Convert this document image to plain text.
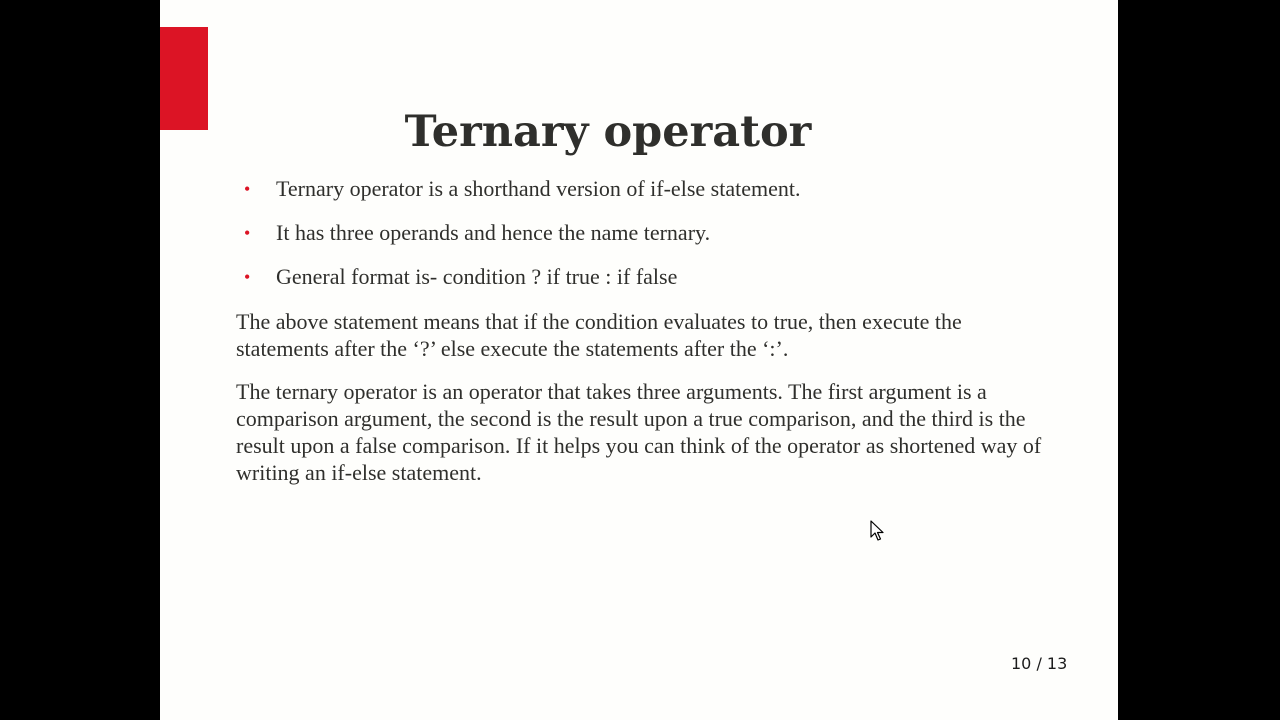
Ternary operator
• Ternary operator is a shorthand version of if-else statement.
• It has three operands and hence the name ternary.
• General format is- condition ? if true : if false

The above statement means that if the condition evaluates to true, then execute the statements after the ‘?’ else execute the statements after the ‘:’.

The ternary operator is an operator that takes three arguments. The first argument is a comparison argument, the second is the result upon a true comparison, and the third is the result upon a false comparison. If it helps you can think of the operator as shortened way of writing an if-else statement.

10 / 13
